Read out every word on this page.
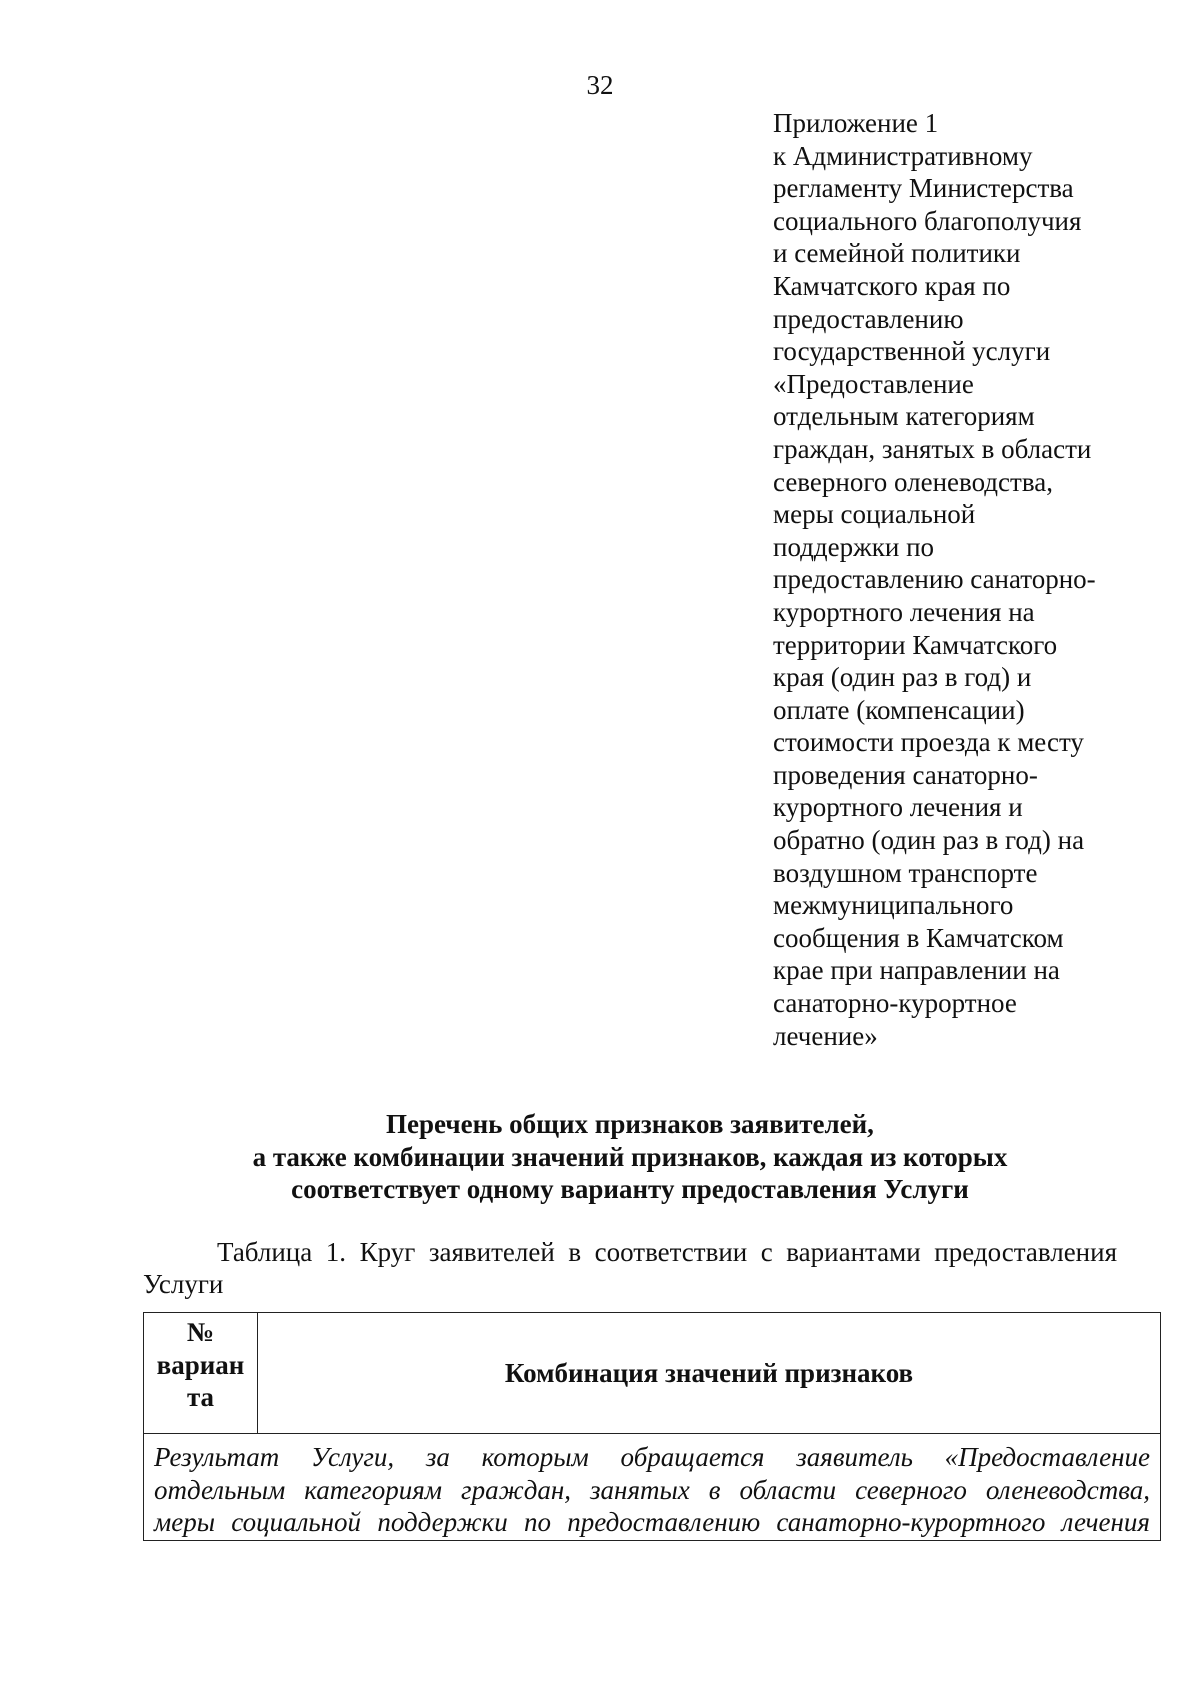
32
Приложение 1
к Административному
регламенту Министерства
социального благополучия
и семейной политики
Камчатского края по
предоставлению
государственной услуги
«Предоставление
отдельным категориям
граждан, занятых в области
северного оленеводства,
меры социальной
поддержки по
предоставлению санаторно-
курортного лечения на
территории Камчатского
края (один раз в год) и
оплате (компенсации)
стоимости проезда к месту
проведения санаторно-
курортного лечения и
обратно (один раз в год) на
воздушном транспорте
межмуниципального
сообщения в Камчатском
крае при направлении на
санаторно-курортное
лечение»
Перечень общих признаков заявителей,
а также комбинации значений признаков, каждая из которых
соответствует одному варианту предоставления Услуги
Таблица 1. Круг заявителей в соответствии с вариантами предоставления Услуги
№
вариан
та
Комбинация значений признаков
Результат Услуги, за которым обращается заявитель «Предоставление
отдельным категориям граждан, занятых в области северного оленеводства,
меры социальной поддержки по предоставлению санаторно-курортного лечения
